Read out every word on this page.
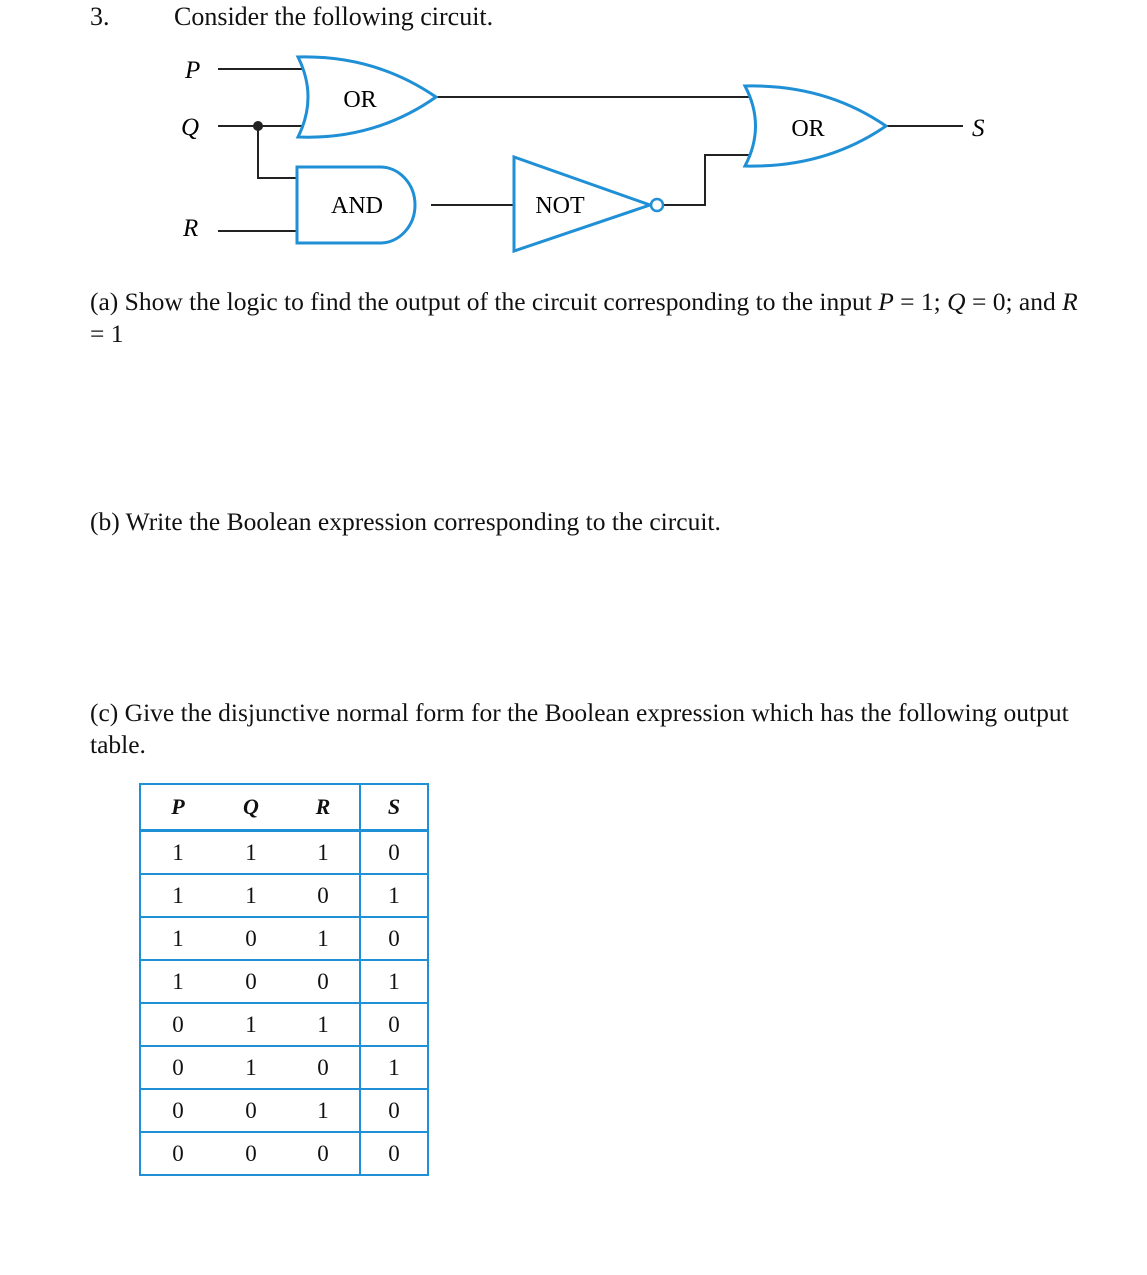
3. Consider the following circuit.
P
Q
R
OR
AND	NOT
OR	S
(a) Show the logic to find the output of the circuit corresponding to the input P = 1; Q = 0; and R = 1
(b) Write the Boolean expression corresponding to the circuit.
(c) Give the disjunctive normal form for the Boolean expression which has the following output table.
P	Q	R	S
1	1	1	0
1	1	0	1
1	0	1	0
1	0	0	1
0	1	1	0
0	1	0	1
0	0	1	0
0	0	0	0
